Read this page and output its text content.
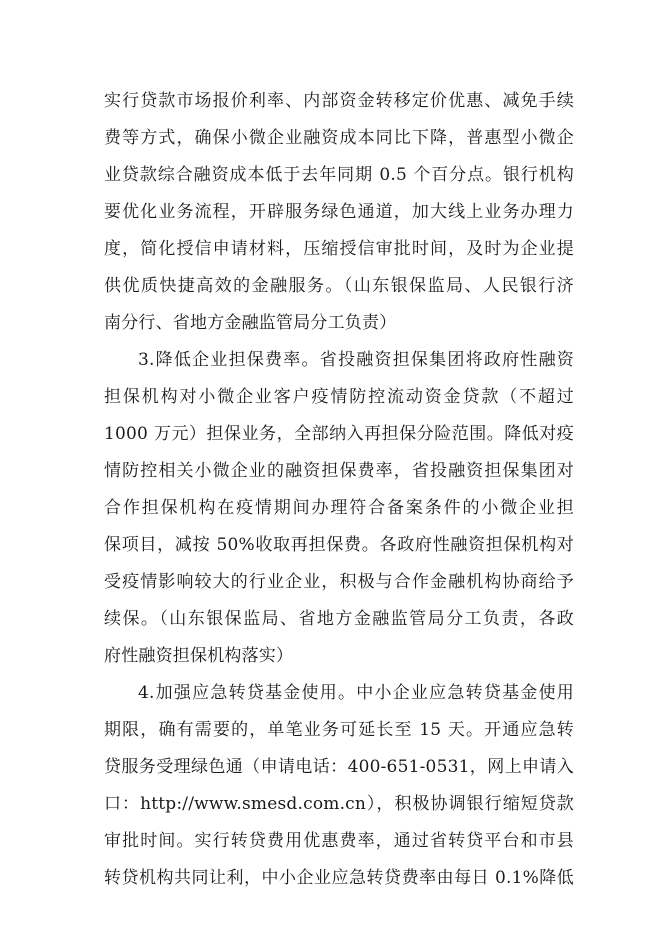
实行贷款市场报价利率、内部资金转移定价优惠、减免手续
费等方式，确保小微企业融资成本同比下降，普惠型小微企
业贷款综合融资成本低于去年同期 0.5 个百分点。银行机构
要优化业务流程，开辟服务绿色通道，加大线上业务办理力
度，简化授信申请材料，压缩授信审批时间，及时为企业提
供优质快捷高效的金融服务。（山东银保监局、人民银行济
南分行、省地方金融监管局分工负责）
3.降低企业担保费率。省投融资担保集团将政府性融资
担保机构对小微企业客户疫情防控流动资金贷款（不超过
1000 万元）担保业务，全部纳入再担保分险范围。降低对疫
情防控相关小微企业的融资担保费率，省投融资担保集团对
合作担保机构在疫情期间办理符合备案条件的小微企业担
保项目，减按 50%收取再担保费。各政府性融资担保机构对
受疫情影响较大的行业企业，积极与合作金融机构协商给予
续保。（山东银保监局、省地方金融监管局分工负责，各政
府性融资担保机构落实）
4.加强应急转贷基金使用。中小企业应急转贷基金使用
期限，确有需要的，单笔业务可延长至 15 天。开通应急转
贷服务受理绿色通（申请电话：400-651-0531，网上申请入
口：http://www.smesd.com.cn），积极协调银行缩短贷款
审批时间。实行转贷费用优惠费率，通过省转贷平台和市县
转贷机构共同让利，中小企业应急转贷费率由每日 0.1%降低
